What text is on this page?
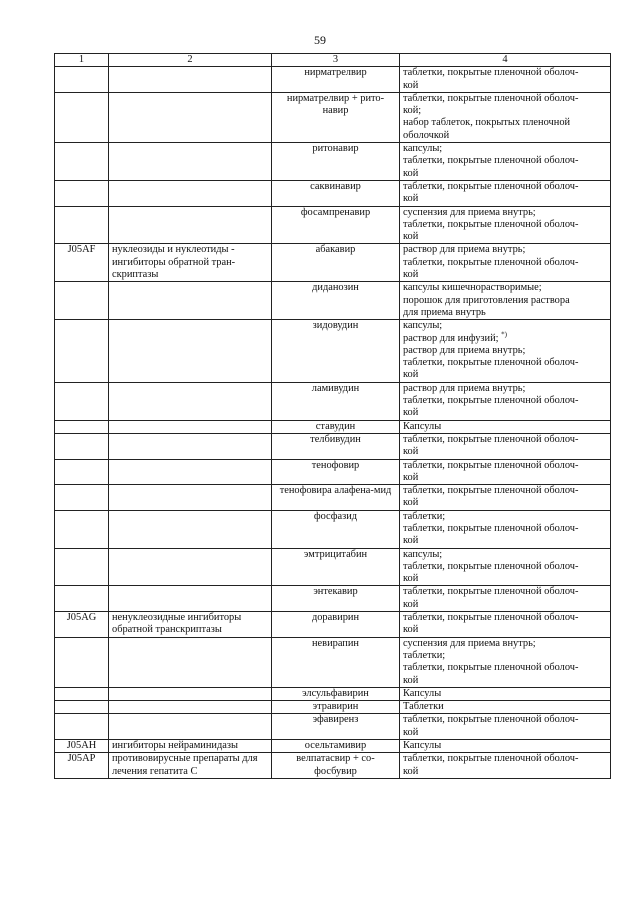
59
1	2	3	4
		нирматрелвир	таблетки, покрытые пленочной оболоч-
кой

		нирматрелвир + рито-навир	таблетки, покрытые пленочной оболоч-
кой;
набор таблеток, покрытых пленочной
оболочкой

		ритонавир	капсулы;
таблетки, покрытые пленочной оболоч-
кой

		саквинавир	таблетки, покрытые пленочной оболоч-
кой

		фосампренавир	суспензия для приема внутрь;
таблетки, покрытые пленочной оболоч-
кой

J05AF	нуклеозиды и нуклеотиды - ингибиторы обратной тран-скриптазы	абакавир	раствор для приема внутрь;
таблетки, покрытые пленочной оболоч-
кой

		диданозин	капсулы кишечнорастворимые;
порошок для приготовления раствора
для приема внутрь

		зидовудин	капсулы;
раствор для инфузий; *)
раствор для приема внутрь;
таблетки, покрытые пленочной оболоч-
кой

		ламивудин	раствор для приема внутрь;
таблетки, покрытые пленочной оболоч-
кой

		ставудин	Капсулы

		телбивудин	таблетки, покрытые пленочной оболоч-
кой

		тенофовир	таблетки, покрытые пленочной оболоч-
кой

		тенофовира алафена-мид	таблетки, покрытые пленочной оболоч-
кой

		фосфазид	таблетки;
таблетки, покрытые пленочной оболоч-
кой

		эмтрицитабин	капсулы;
таблетки, покрытые пленочной оболоч-
кой

		энтекавир	таблетки, покрытые пленочной оболоч-
кой

J05AG	ненуклеозидные ингибиторы обратной транскриптазы	доравирин	таблетки, покрытые пленочной оболоч-
кой

		невирапин	суспензия для приема внутрь;
таблетки;
таблетки, покрытые пленочной оболоч-
кой

		элсульфавирин	Капсулы

		этравирин	Таблетки

		эфавиренз	таблетки, покрытые пленочной оболоч-
кой

J05AH	ингибиторы нейраминидазы	осельтамивир	Капсулы

J05AP	противовирусные препараты для лечения гепатита С	велпатасвир + со-фосбувир	таблетки, покрытые пленочной оболоч-
кой
